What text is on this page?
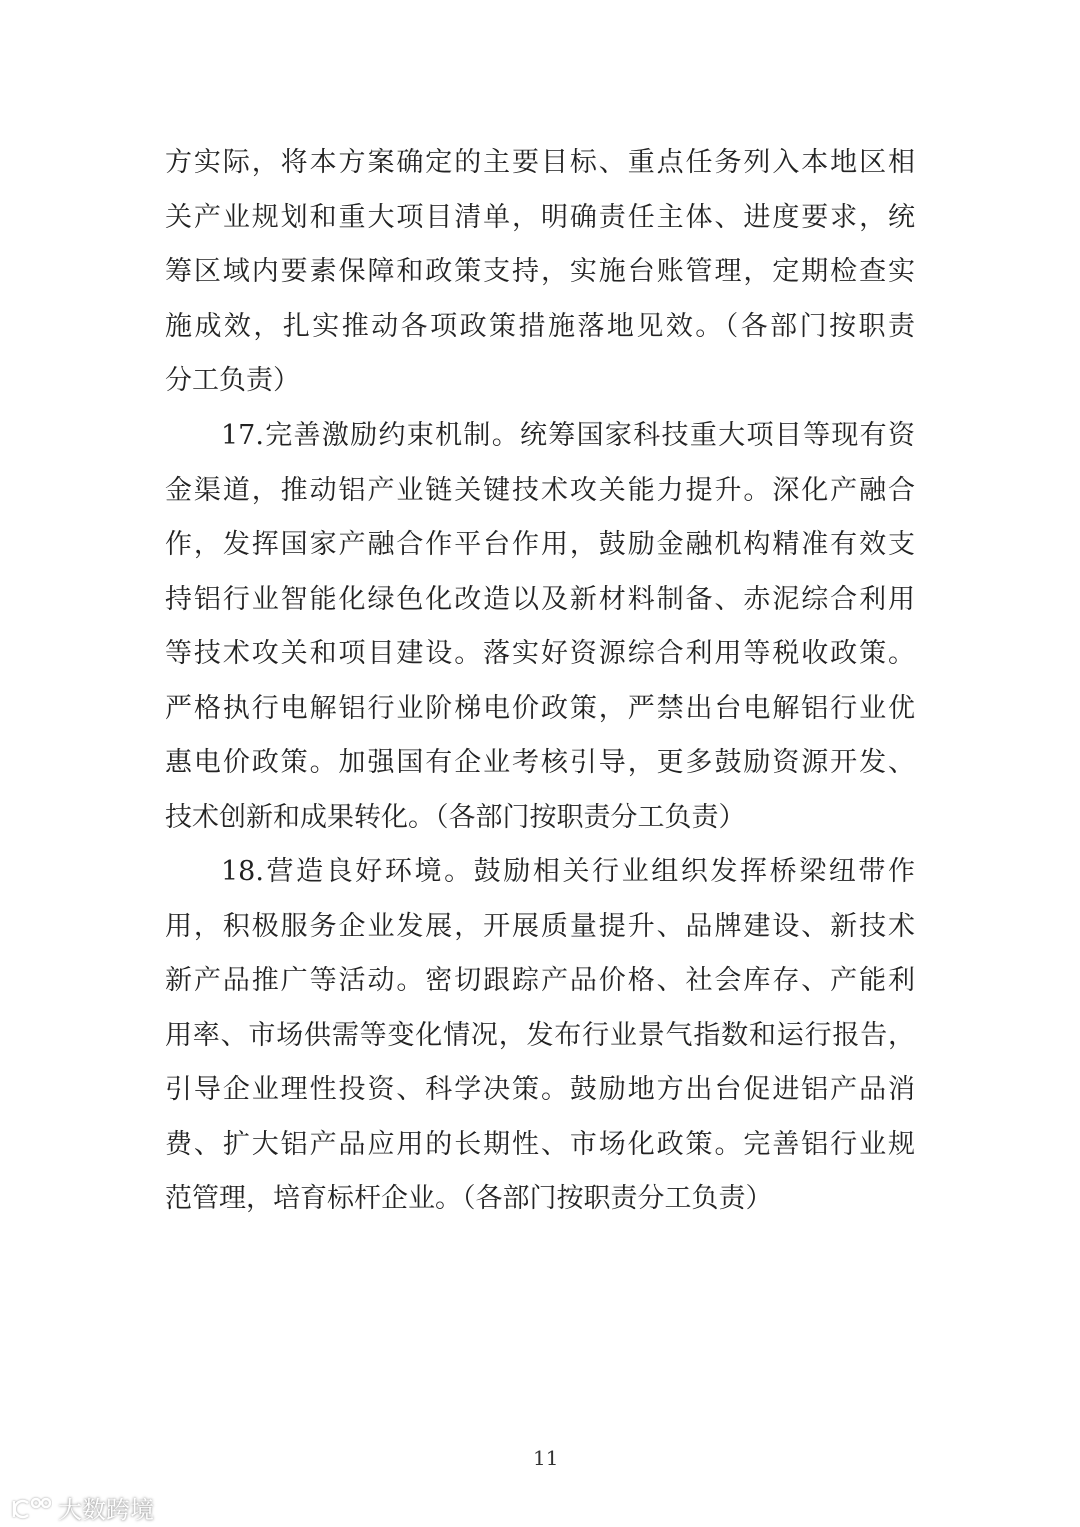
方实际，将本方案确定的主要目标、重点任务列入本地区相
关产业规划和重大项目清单，明确责任主体、进度要求，统
筹区域内要素保障和政策支持，实施台账管理，定期检查实
施成效，扎实推动各项政策措施落地见效。（各部门按职责
分工负责）
17.完善激励约束机制。统筹国家科技重大项目等现有资
金渠道，推动铝产业链关键技术攻关能力提升。深化产融合
作，发挥国家产融合作平台作用，鼓励金融机构精准有效支
持铝行业智能化绿色化改造以及新材料制备、赤泥综合利用
等技术攻关和项目建设。落实好资源综合利用等税收政策。
严格执行电解铝行业阶梯电价政策，严禁出台电解铝行业优
惠电价政策。加强国有企业考核引导，更多鼓励资源开发、
技术创新和成果转化。（各部门按职责分工负责）
18.营造良好环境。鼓励相关行业组织发挥桥梁纽带作
用，积极服务企业发展，开展质量提升、品牌建设、新技术
新产品推广等活动。密切跟踪产品价格、社会库存、产能利
用率、市场供需等变化情况，发布行业景气指数和运行报告，
引导企业理性投资、科学决策。鼓励地方出台促进铝产品消
费、扩大铝产品应用的长期性、市场化政策。完善铝行业规
范管理，培育标杆企业。（各部门按职责分工负责）
11
大数跨境
